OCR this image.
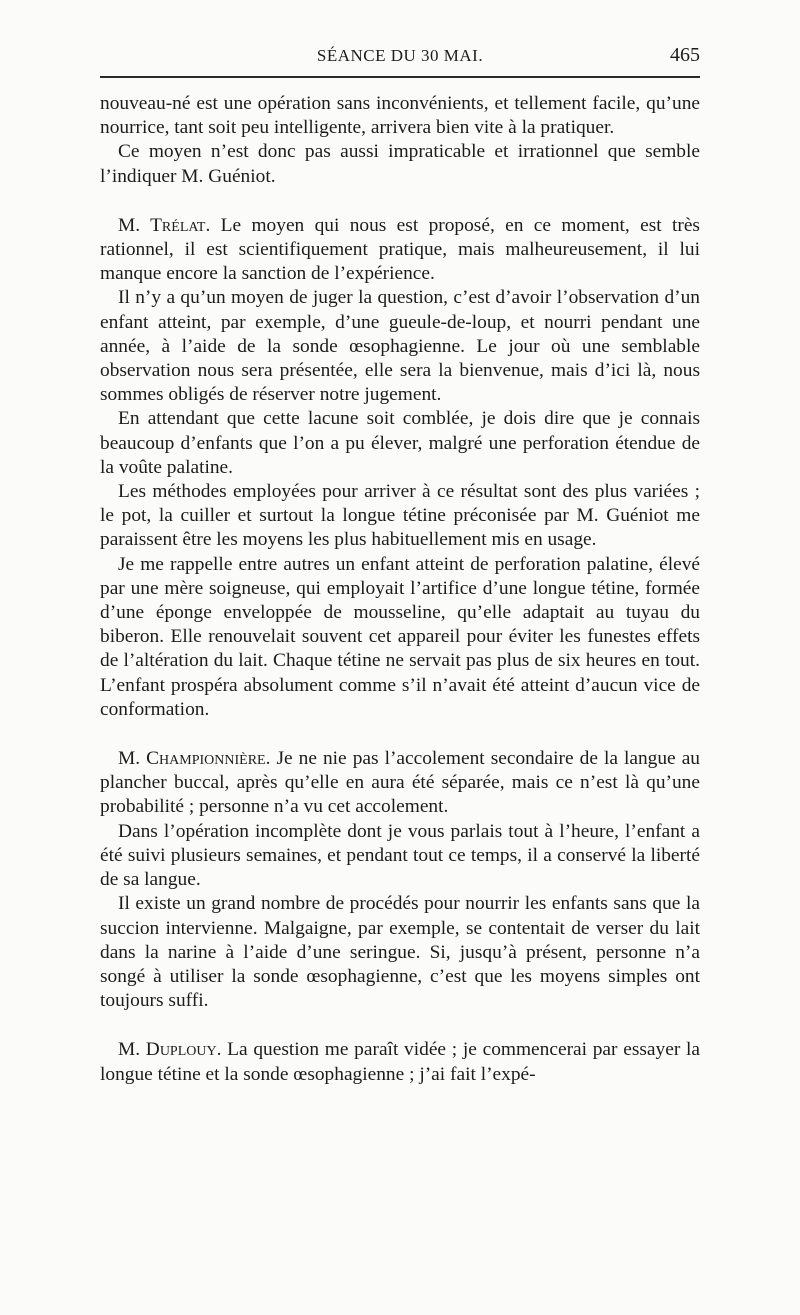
SÉANCE DU 30 MAI.	465

nouveau-né est une opération sans inconvénients, et tellement facile, qu’une nourrice, tant soit peu intelligente, arrivera bien vite à la pratiquer.

Ce moyen n’est donc pas aussi impraticable et irrationnel que semble l’indiquer M. Guéniot.

M. Trélat. Le moyen qui nous est proposé, en ce moment, est très rationnel, il est scientifiquement pratique, mais malheureusement, il lui manque encore la sanction de l’expérience.

Il n’y a qu’un moyen de juger la question, c’est d’avoir l’observation d’un enfant atteint, par exemple, d’une gueule-de-loup, et nourri pendant une année, à l’aide de la sonde œsophagienne. Le jour où une semblable observation nous sera présentée, elle sera la bienvenue, mais d’ici là, nous sommes obligés de réserver notre jugement.

En attendant que cette lacune soit comblée, je dois dire que je connais beaucoup d’enfants que l’on a pu élever, malgré une perforation étendue de la voûte palatine.

Les méthodes employées pour arriver à ce résultat sont des plus variées ; le pot, la cuiller et surtout la longue tétine préconisée par M. Guéniot me paraissent être les moyens les plus habituellement mis en usage.

Je me rappelle entre autres un enfant atteint de perforation palatine, élevé par une mère soigneuse, qui employait l’artifice d’une longue tétine, formée d’une éponge enveloppée de mousseline, qu’elle adaptait au tuyau du biberon. Elle renouvelait souvent cet appareil pour éviter les funestes effets de l’altération du lait. Chaque tétine ne servait pas plus de six heures en tout. L’enfant prospéra absolument comme s’il n’avait été atteint d’aucun vice de conformation.

M. Championnière. Je ne nie pas l’accolement secondaire de la langue au plancher buccal, après qu’elle en aura été séparée, mais ce n’est là qu’une probabilité ; personne n’a vu cet accolement.

Dans l’opération incomplète dont je vous parlais tout à l’heure, l’enfant a été suivi plusieurs semaines, et pendant tout ce temps, il a conservé la liberté de sa langue.

Il existe un grand nombre de procédés pour nourrir les enfants sans que la succion intervienne. Malgaigne, par exemple, se contentait de verser du lait dans la narine à l’aide d’une seringue. Si, jusqu’à présent, personne n’a songé à utiliser la sonde œsophagienne, c’est que les moyens simples ont toujours suffi.

M. Duplouy. La question me paraît vidée ; je commencerai par essayer la longue tétine et la sonde œsophagienne ; j’ai fait l’expé-
